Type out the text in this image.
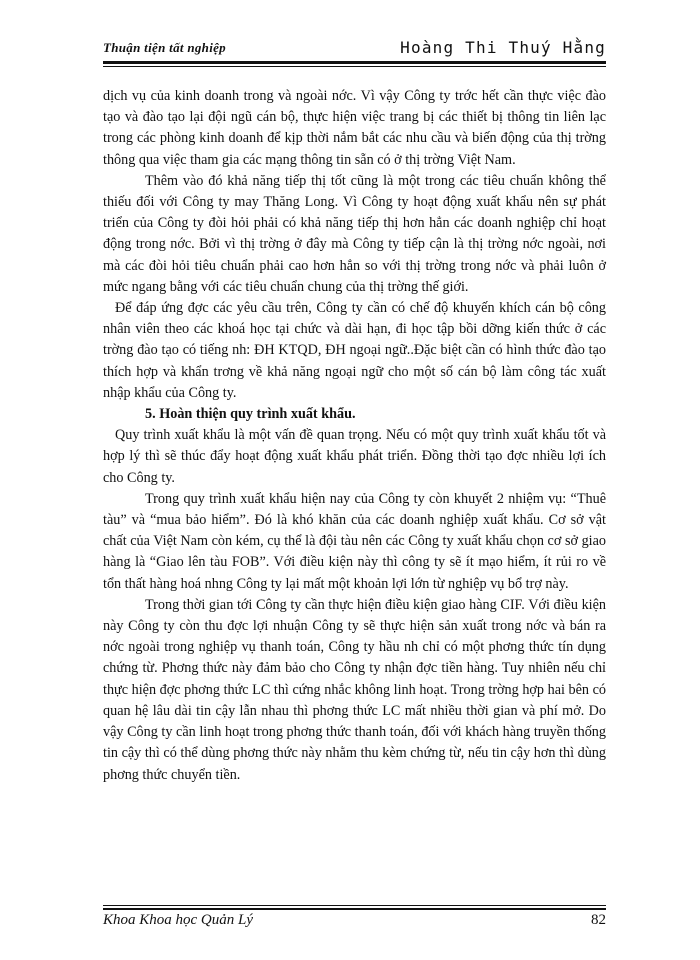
Thuận tiện tất nghiệp	Hoàng Thi Thuý Hằng

dịch vụ của kinh doanh trong và ngoài nớc. Vì vậy Công ty trớc hết cần thực việc đào tạo và đào tạo lại đội ngũ cán bộ, thực hiện việc trang bị các thiết bị thông tin liên lạc trong các phòng kinh doanh để kịp thời nắm bắt các nhu cầu và biến động của thị trờng thông qua việc tham gia các mạng thông tin sẵn có ở thị trờng Việt Nam.

Thêm vào đó khả năng tiếp thị tốt cũng là một trong các tiêu chuẩn không thể thiếu đối với Công ty may Thăng Long. Vì Công ty hoạt động xuất khẩu nên sự phát triển của Công ty đòi hỏi phải có khả năng tiếp thị hơn hẳn các doanh nghiệp chỉ hoạt động trong nớc. Bởi vì thị trờng ở đây mà Công ty tiếp cận là thị trờng nớc ngoài, nơi mà các đòi hỏi tiêu chuẩn phải cao hơn hẳn so với thị trờng trong nớc và phải luôn ở mức ngang bằng với các tiêu chuẩn chung của thị trờng thế giới.

Để đáp ứng đợc các yêu cầu trên, Công ty cần có chế độ khuyến khích cán bộ công nhân viên theo các khoá học tại chức và dài hạn, đi học tập bồi dỡng kiến thức ở các trờng đào tạo có tiếng nh: ĐH KTQD, ĐH ngoại ngữ..Đặc biệt cần có hình thức đào tạo thích hợp và khẩn trơng về khả năng ngoại ngữ cho một số cán bộ làm công tác xuất nhập khẩu của Công ty.

5. Hoàn thiện quy trình xuất khẩu.

Quy trình xuất khẩu là một vấn đề quan trọng. Nếu có một quy trình xuất khẩu tốt và hợp lý thì sẽ thúc đẩy hoạt động xuất khẩu phát triển. Đồng thời tạo đợc nhiều lợi ích cho Công ty.

Trong quy trình xuất khẩu hiện nay của Công ty còn khuyết 2 nhiệm vụ: “Thuê tàu” và “mua bảo hiểm”. Đó là khó khăn của các doanh nghiệp xuất khẩu. Cơ sở vật chất của Việt Nam còn kém, cụ thể là đội tàu nên các Công ty xuất khẩu chọn cơ sở giao hàng là “Giao lên tàu FOB”. Với điều kiện này thì công ty sẽ ít mạo hiểm, ít rủi ro về tổn thất hàng hoá nhng Công ty lại mất một khoản lợi lớn từ nghiệp vụ bổ trợ này.

Trong thời gian tới Công ty cần thực hiện điều kiện giao hàng CIF. Với điều kiện này Công ty còn thu đợc lợi nhuận Công ty sẽ thực hiện sản xuất trong nớc và bán ra nớc ngoài trong nghiệp vụ thanh toán, Công ty hầu nh chỉ có một phơng thức tín dụng chứng từ. Phơng thức này đảm bảo cho Công ty nhận đợc tiền hàng. Tuy nhiên nếu chỉ thực hiện đợc phơng thức LC thì cứng nhắc không linh hoạt. Trong trờng hợp hai bên có quan hệ lâu dài tin cậy lẫn nhau thì phơng thức LC mất nhiều thời gian và phí mở. Do vậy Công ty cần linh hoạt trong phơng thức thanh toán, đối với khách hàng truyền thống tin cậy thì có thể dùng phơng thức này nhằm thu kèm chứng từ, nếu tin cậy hơn thì dùng phơng thức chuyển tiền.

Khoa Khoa học Quản Lý	82
